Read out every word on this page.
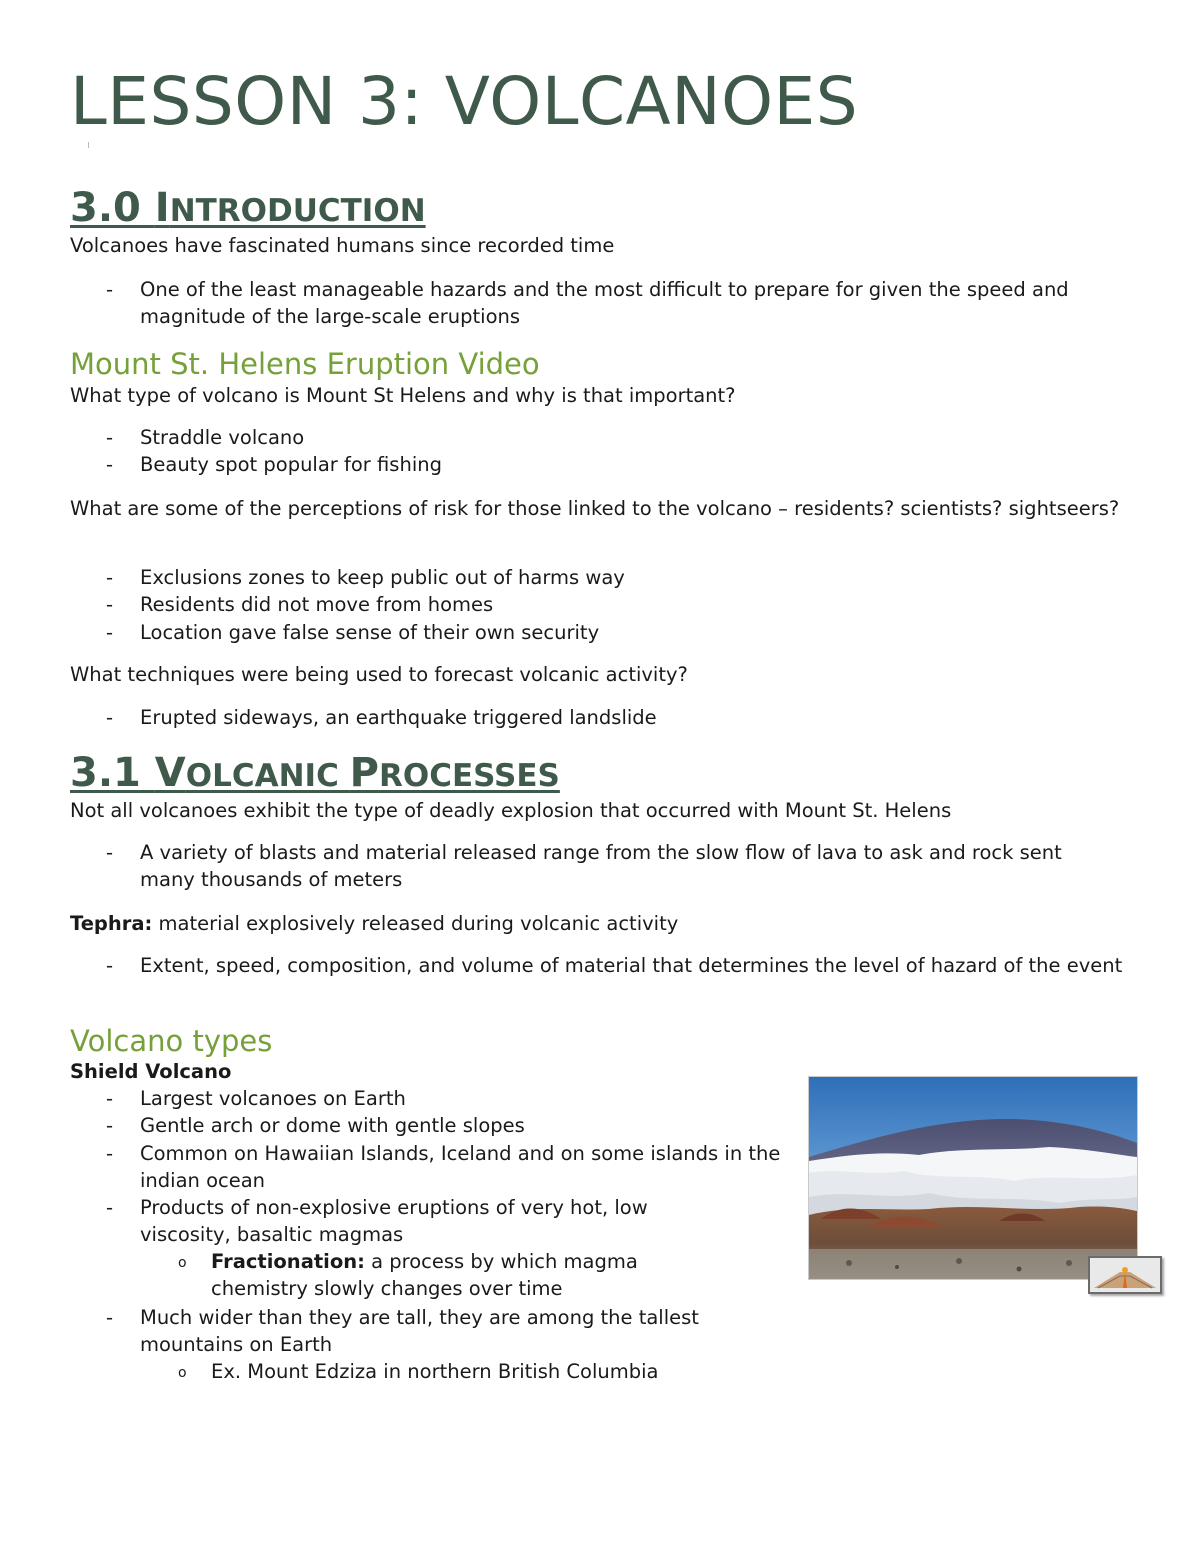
LESSON 3: VOLCANOES
3.0 INTRODUCTION

Volcanoes have fascinated humans since recorded time

- One of the least manageable hazards and the most difficult to prepare for given the speed and magnitude of the large-scale eruptions

Mount St. Helens Eruption Video

What type of volcano is Mount St Helens and why is that important?

- Straddle volcano

- Beauty spot popular for fishing

What are some of the perceptions of risk for those linked to the volcano – residents? scientists? sightseers?

- Exclusions zones to keep public out of harms way

- Residents did not move from homes

- Location gave false sense of their own security

What techniques were being used to forecast volcanic activity?

- Erupted sideways, an earthquake triggered landslide

3.1 VOLCANIC PROCESSES

Not all volcanoes exhibit the type of deadly explosion that occurred with Mount St. Helens

- A variety of blasts and material released range from the slow flow of lava to ask and rock sent many thousands of meters

Tephra: material explosively released during volcanic activity

- Extent, speed, composition, and volume of material that determines the level of hazard of the event

Volcano types

Shield Volcano

- Largest volcanoes on Earth

- Gentle arch or dome with gentle slopes

- Common on Hawaiian Islands, Iceland and on some islands in the indian ocean

- Products of non-explosive eruptions of very hot, low viscosity, basaltic magmas

o Fractionation: a process by which magma chemistry slowly changes over time

- Much wider than they are tall, they are among the tallest mountains on Earth

o Ex. Mount Edziza in northern British Columbia
